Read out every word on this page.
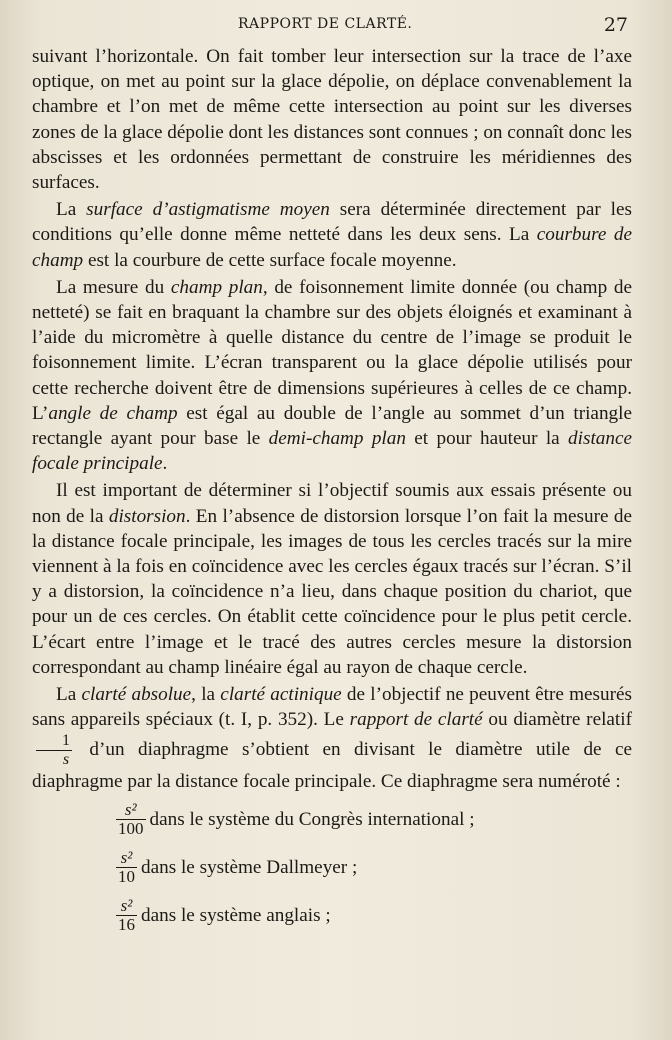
RAPPORT DE CLARTÉ.	27

suivant l’horizontale. On fait tomber leur intersection sur la trace de l’axe optique, on met au point sur la glace dépolie, on déplace convenablement la chambre et l’on met de même cette intersection au point sur les diverses zones de la glace dépolie dont les distances sont connues ; on connaît donc les abscisses et les ordonnées permettant de construire les méridiennes des surfaces.

La surface d’astigmatisme moyen sera déterminée directement par les conditions qu’elle donne même netteté dans les deux sens. La courbure de champ est la courbure de cette surface focale moyenne.

La mesure du champ plan, de foisonnement limite donnée (ou champ de netteté) se fait en braquant la chambre sur des objets éloignés et examinant à l’aide du micromètre à quelle distance du centre de l’image se produit le foisonnement limite. L’écran transparent ou la glace dépolie utilisés pour cette recherche doivent être de dimensions supérieures à celles de ce champ. L’angle de champ est égal au double de l’angle au sommet d’un triangle rectangle ayant pour base le demi-champ plan et pour hauteur la distance focale principale.

Il est important de déterminer si l’objectif soumis aux essais présente ou non de la distorsion. En l’absence de distorsion lorsque l’on fait la mesure de la distance focale principale, les images de tous les cercles tracés sur la mire viennent à la fois en coïncidence avec les cercles égaux tracés sur l’écran. S’il y a distorsion, la coïncidence n’a lieu, dans chaque position du chariot, que pour un de ces cercles. On établit cette coïncidence pour le plus petit cercle. L’écart entre l’image et le tracé des autres cercles mesure la distorsion correspondant au champ linéaire égal au rayon de chaque cercle.

La clarté absolue, la clarté actinique de l’objectif ne peuvent être mesurés sans appareils spéciaux (t. I, p. 352). Le rapport de clarté ou diamètre relatif
$\frac{1}{s}$ d’un diaphragme s’obtient en divisant le diamètre utile de ce diaphragme par la distance focale principale. Ce diaphragme sera numéroté :

$\frac{\text{s²}}{100}$ dans le système du Congrès international ;
$\frac{\text{s²}}{10}$ dans le système Dallmeyer ;
$\frac{\text{s²}}{16}$ dans le système anglais ;
